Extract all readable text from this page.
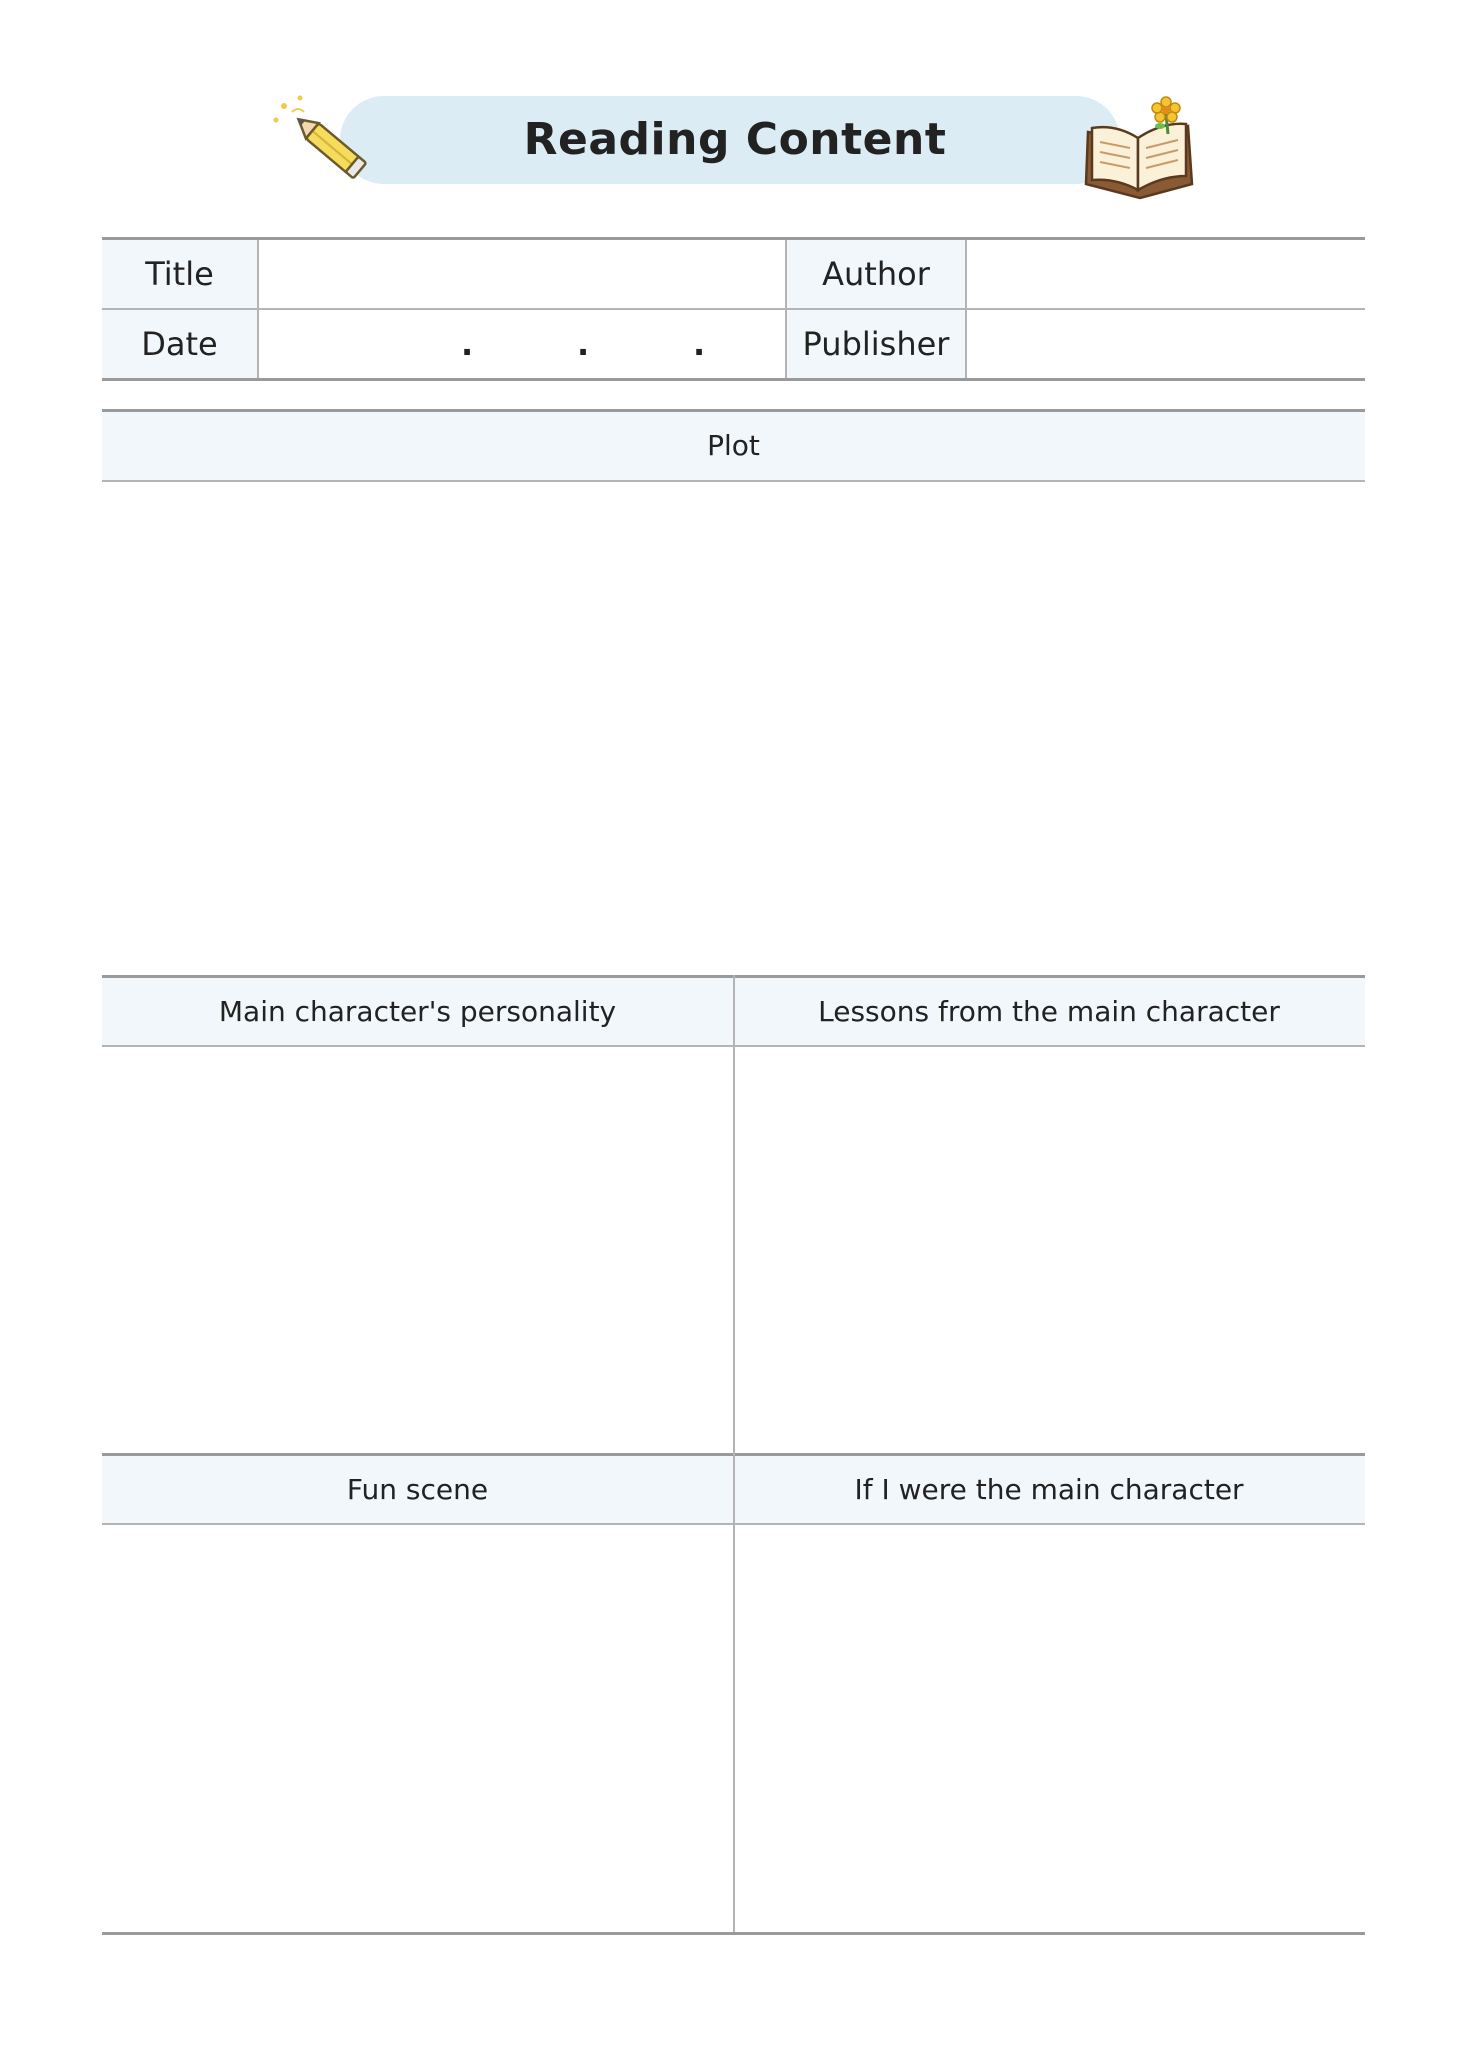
Reading Content
Title		Author	
Date	. . .	Publisher	
Plot
Main character's personality	Lessons from the main character
Fun scene	If I were the main character
